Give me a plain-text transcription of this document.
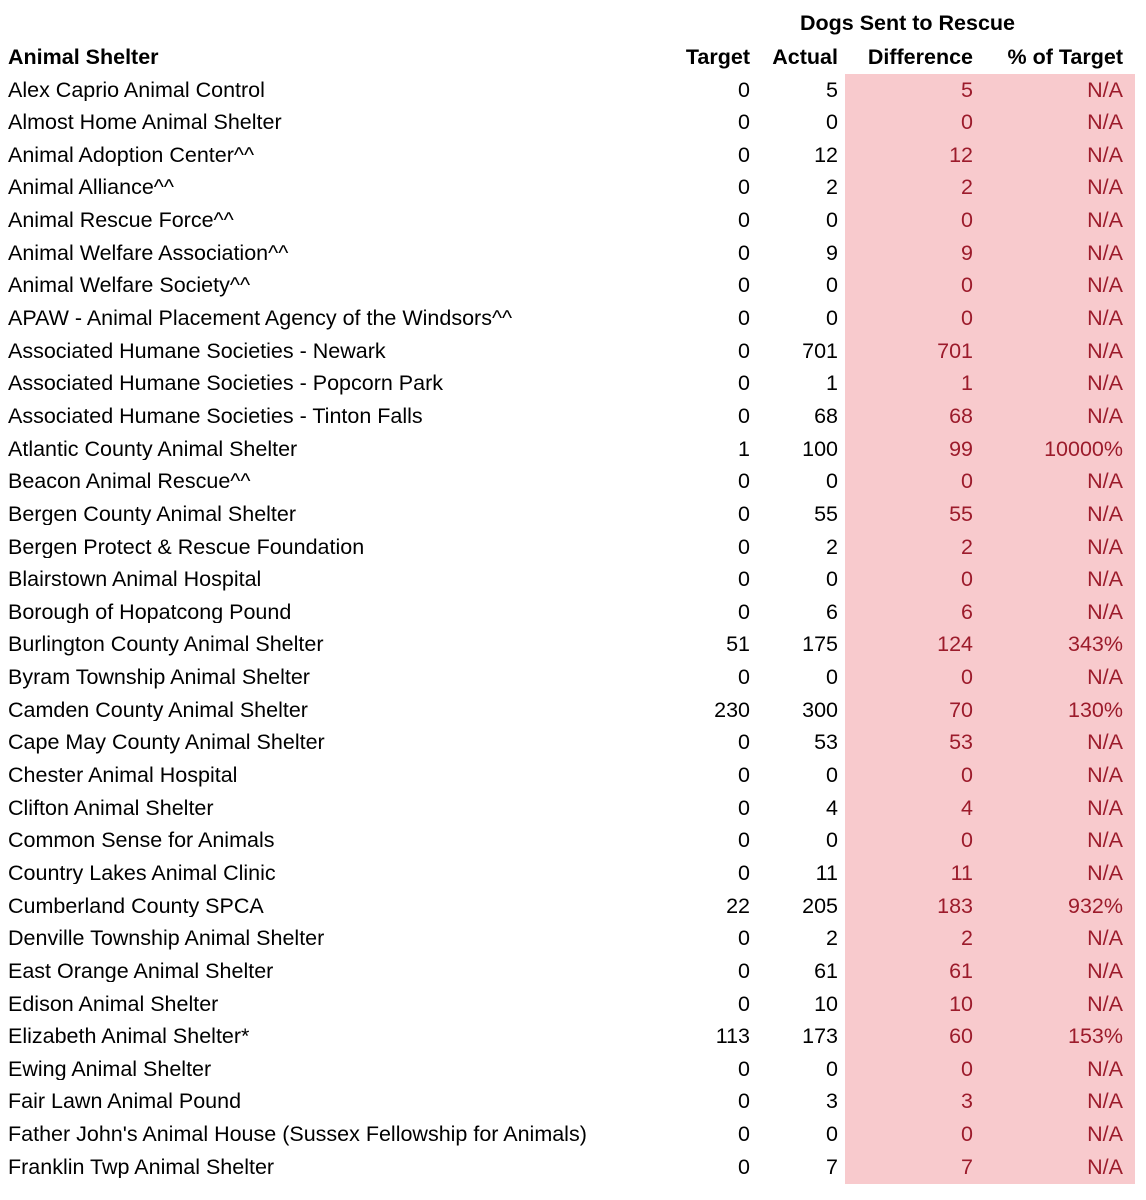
Dogs Sent to Rescue
Animal Shelter	Target	Actual	Difference	% of Target
Alex Caprio Animal Control	0	5	5	N/A
Almost Home Animal Shelter	0	0	0	N/A
Animal Adoption Center^^	0	12	12	N/A
Animal Alliance^^	0	2	2	N/A
Animal Rescue Force^^	0	0	0	N/A
Animal Welfare Association^^	0	9	9	N/A
Animal Welfare Society^^	0	0	0	N/A
APAW - Animal Placement Agency of the Windsors^^	0	0	0	N/A
Associated Humane Societies - Newark	0	701	701	N/A
Associated Humane Societies - Popcorn Park	0	1	1	N/A
Associated Humane Societies - Tinton Falls	0	68	68	N/A
Atlantic County Animal Shelter	1	100	99	10000%
Beacon Animal Rescue^^	0	0	0	N/A
Bergen County Animal Shelter	0	55	55	N/A
Bergen Protect & Rescue Foundation	0	2	2	N/A
Blairstown Animal Hospital	0	0	0	N/A
Borough of Hopatcong Pound	0	6	6	N/A
Burlington County Animal Shelter	51	175	124	343%
Byram Township Animal Shelter	0	0	0	N/A
Camden County Animal Shelter	230	300	70	130%
Cape May County Animal Shelter	0	53	53	N/A
Chester Animal Hospital	0	0	0	N/A
Clifton Animal Shelter	0	4	4	N/A
Common Sense for Animals	0	0	0	N/A
Country Lakes Animal Clinic	0	11	11	N/A
Cumberland County SPCA	22	205	183	932%
Denville Township Animal Shelter	0	2	2	N/A
East Orange Animal Shelter	0	61	61	N/A
Edison Animal Shelter	0	10	10	N/A
Elizabeth Animal Shelter*	113	173	60	153%
Ewing Animal Shelter	0	0	0	N/A
Fair Lawn Animal Pound	0	3	3	N/A
Father John's Animal House (Sussex Fellowship for Animals)	0	0	0	N/A
Franklin Twp Animal Shelter	0	7	7	N/A
